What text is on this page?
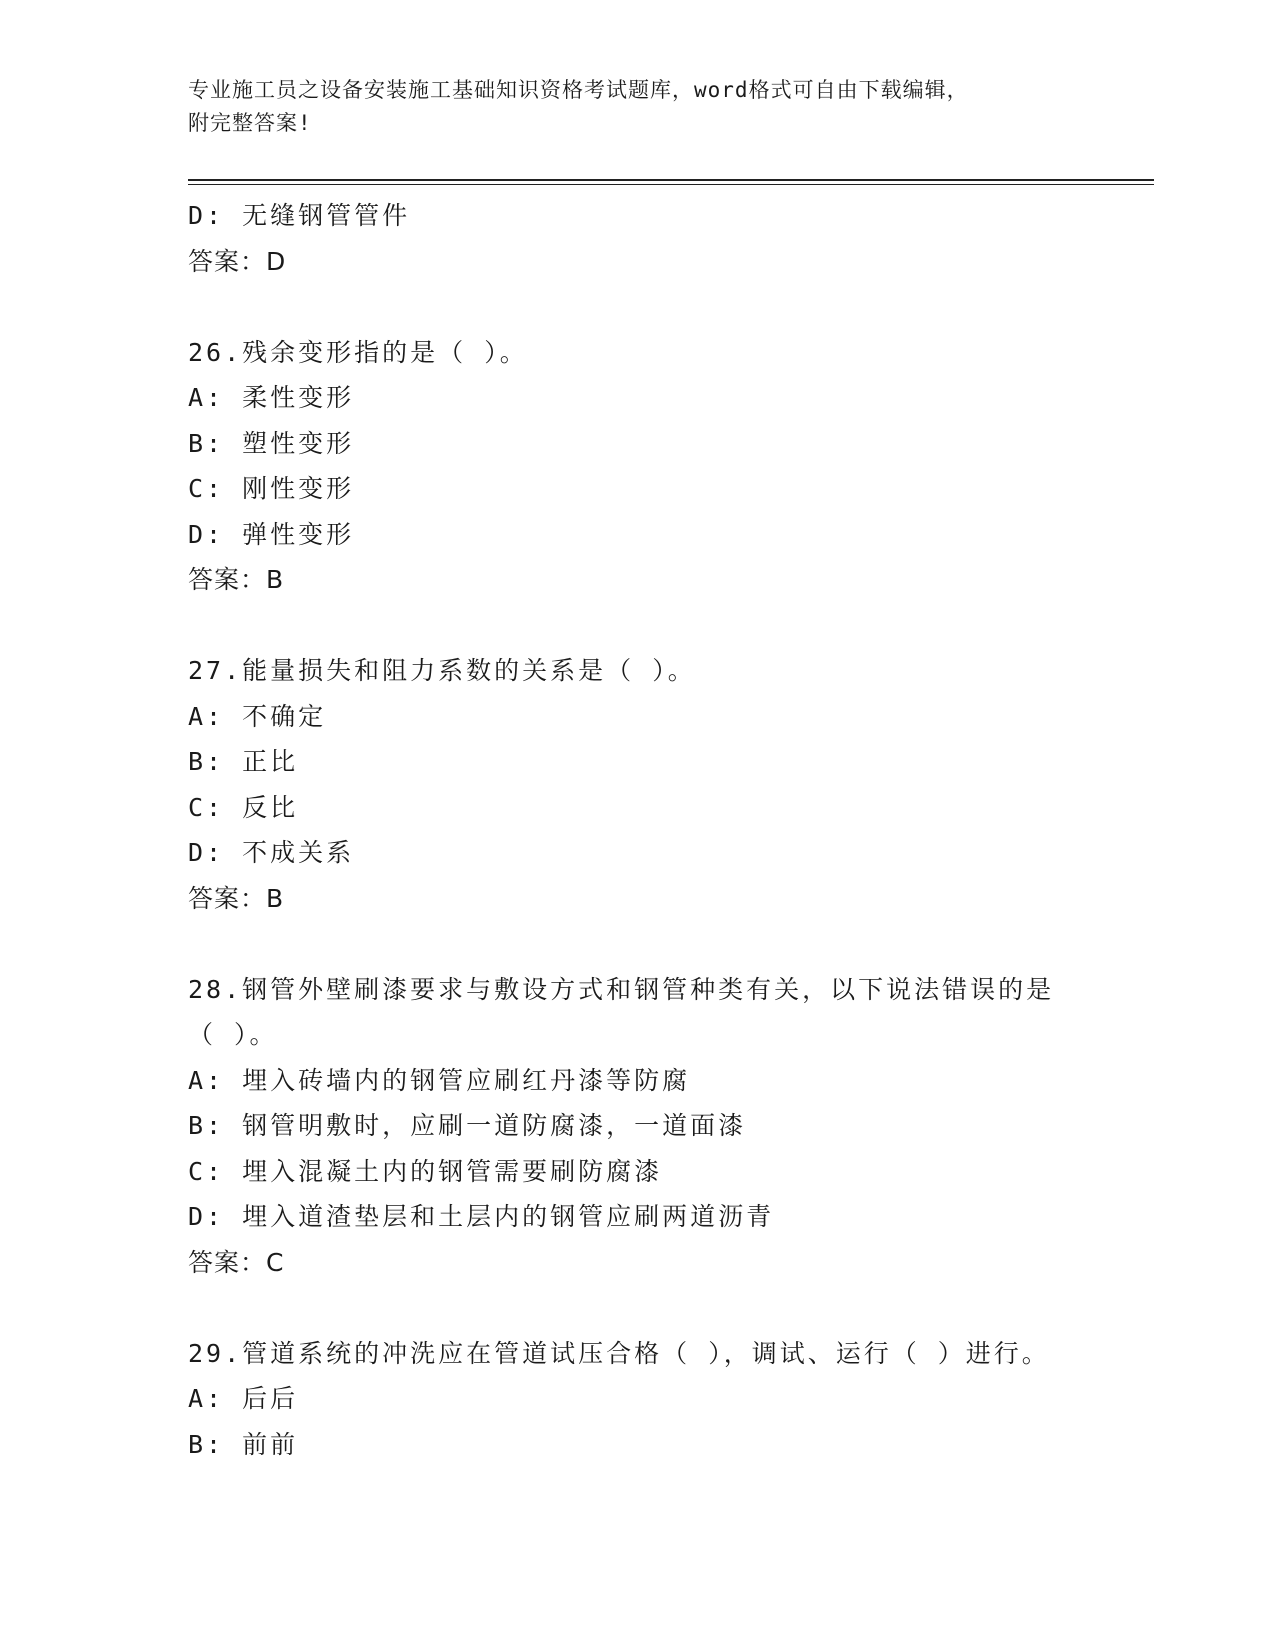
专业施工员之设备安装施工基础知识资格考试题库，word格式可自由下载编辑，
附完整答案!
D: 无缝钢管管件
答案：D
26.残余变形指的是（ ）。
A: 柔性变形
B: 塑性变形
C: 刚性变形
D: 弹性变形
答案：B
27.能量损失和阻力系数的关系是（ ）。
A: 不确定
B: 正比
C: 反比
D: 不成关系
答案：B
28.钢管外壁刷漆要求与敷设方式和钢管种类有关，以下说法错误的是
（ ）。
A: 埋入砖墙内的钢管应刷红丹漆等防腐
B: 钢管明敷时，应刷一道防腐漆，一道面漆
C: 埋入混凝土内的钢管需要刷防腐漆
D: 埋入道渣垫层和土层内的钢管应刷两道沥青
答案：C
29.管道系统的冲洗应在管道试压合格（ ），调试、运行（ ）进行。
A: 后后
B: 前前
